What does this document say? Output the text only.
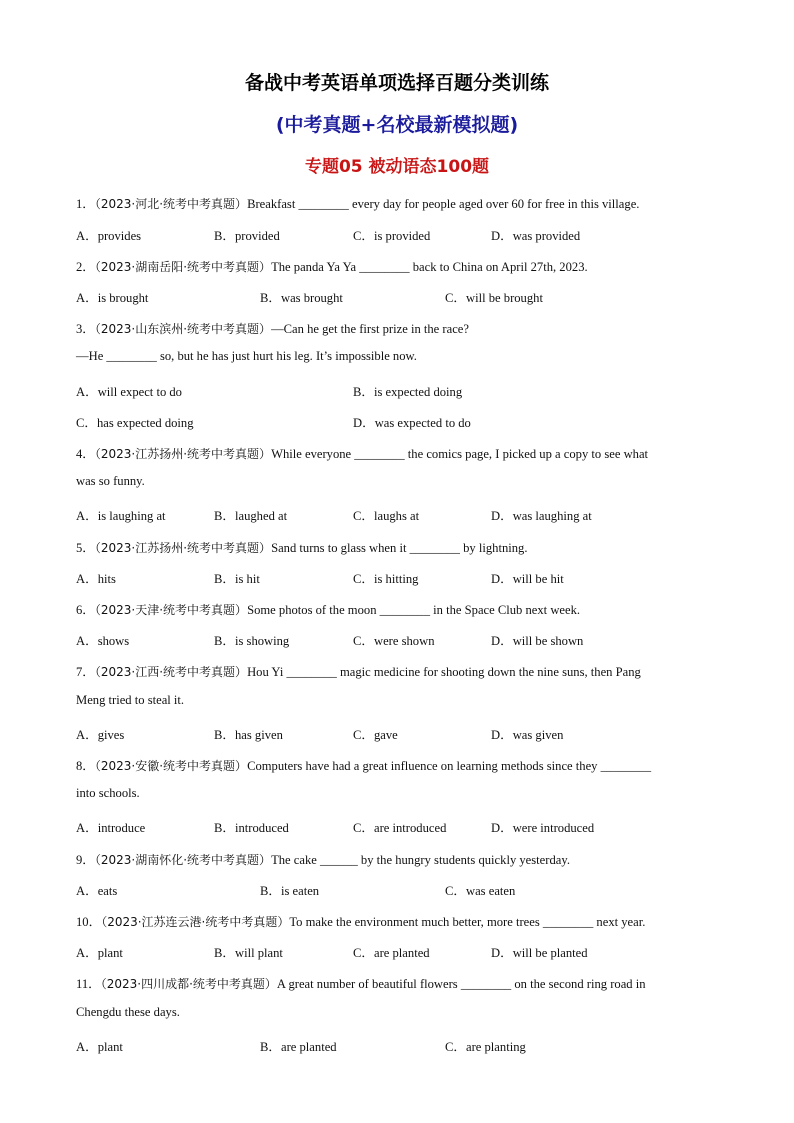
备战中考英语单项选择百题分类训练
(中考真题+名校最新模拟题)
专题05 被动语态100题
1．（2023·河北·统考中考真题）Breakfast ________ every day for people aged over 60 for free in this village.
A．provides	B．provided	C．is provided	D．was provided
2．（2023·湖南岳阳·统考中考真题）The panda Ya Ya ________ back to China on April 27th, 2023.
A．is brought	B．was brought	C．will be brought
3．（2023·山东滨州·统考中考真题）—Can he get the first prize in the race?
—He ________ so, but he has just hurt his leg. It’s impossible now.
A．will expect to do	B．is expected doing
C．has expected doing	D．was expected to do
4．（2023·江苏扬州·统考中考真题）While everyone ________ the comics page, I picked up a copy to see what
was so funny.
A．is laughing at	B．laughed at	C．laughs at	D．was laughing at
5．（2023·江苏扬州·统考中考真题）Sand turns to glass when it ________ by lightning.
A．hits	B．is hit	C．is hitting	D．will be hit
6．（2023·天津·统考中考真题）Some photos of the moon ________ in the Space Club next week.
A．shows	B．is showing	C．were shown	D．will be shown
7．（2023·江西·统考中考真题）Hou Yi ________ magic medicine for shooting down the nine suns, then Pang
Meng tried to steal it.
A．gives	B．has given	C．gave	D．was given
8．（2023·安徽·统考中考真题）Computers have had a great influence on learning methods since they ________
into schools.
A．introduce	B．introduced	C．are introduced	D．were introduced
9．（2023·湖南怀化·统考中考真题）The cake ______ by the hungry students quickly yesterday.
A．eats	B．is eaten	C．was eaten
10．（2023·江苏连云港·统考中考真题）To make the environment much better, more trees ________ next year.
A．plant	B．will plant	C．are planted	D．will be planted
11．（2023·四川成都·统考中考真题）A great number of beautiful flowers ________ on the second ring road in
Chengdu these days.
A．plant	B．are planted	C．are planting
